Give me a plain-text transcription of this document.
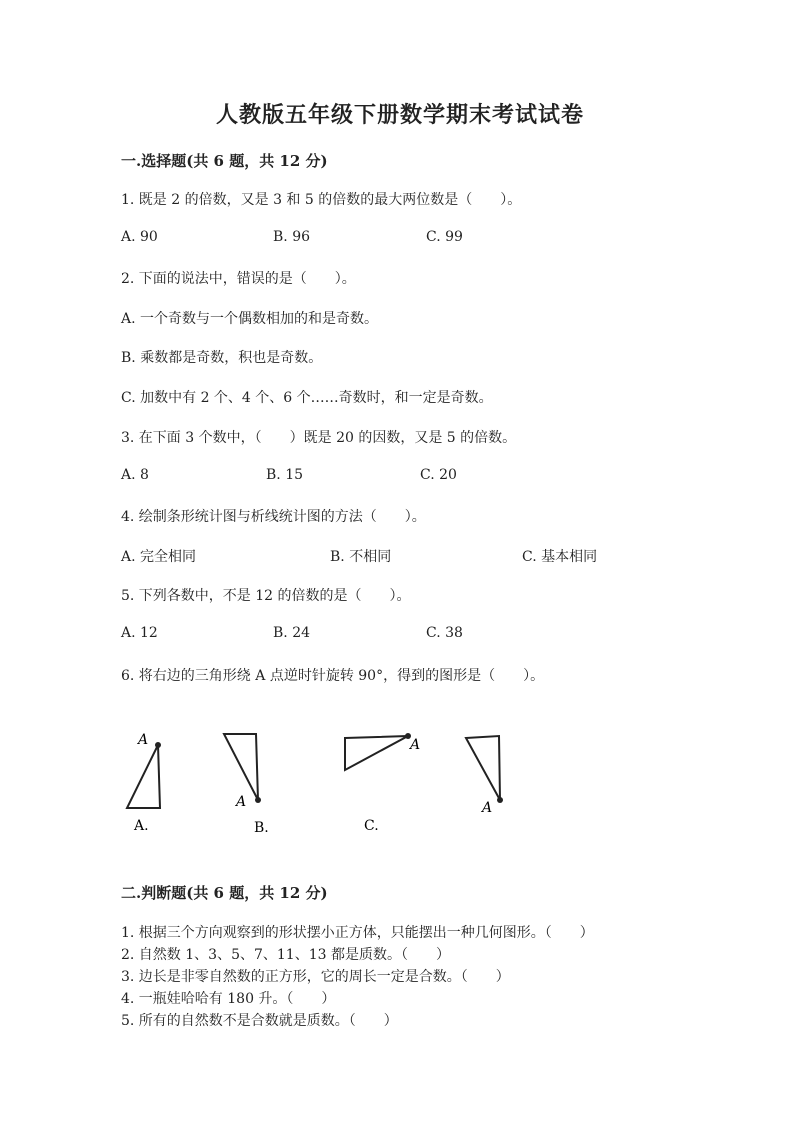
人教版五年级下册数学期末考试试卷
一.选择题(共 6 题，共 12 分)
1. 既是 2 的倍数，又是 3 和 5 的倍数的最大两位数是（　　）。
A. 90	B. 96	C. 99
2. 下面的说法中，错误的是（　　）。
A. 一个奇数与一个偶数相加的和是奇数。
B. 乘数都是奇数，积也是奇数。
C. 加数中有 2 个、4 个、6 个……奇数时，和一定是奇数。
3. 在下面 3 个数中，（　　）既是 20 的因数，又是 5 的倍数。
A. 8	B. 15	C. 20
4. 绘制条形统计图与析线统计图的方法（　　）。
A. 完全相同	B. 不相同	C. 基本相同
5. 下列各数中，不是 12 的倍数的是（　　）。
A. 12	B. 24	C. 38
6. 将右边的三角形绕 A 点逆时针旋转 90°，得到的图形是（　　）。
A
A.
A
B.
A
C.
A
二.判断题(共 6 题，共 12 分)
1. 根据三个方向观察到的形状摆小正方体，只能摆出一种几何图形。（　　）
2. 自然数 1、3、5、7、11、13 都是质数。（　　）
3. 边长是非零自然数的正方形，它的周长一定是合数。（　　）
4. 一瓶娃哈哈有 180 升。（　　）
5. 所有的自然数不是合数就是质数。（　　）
